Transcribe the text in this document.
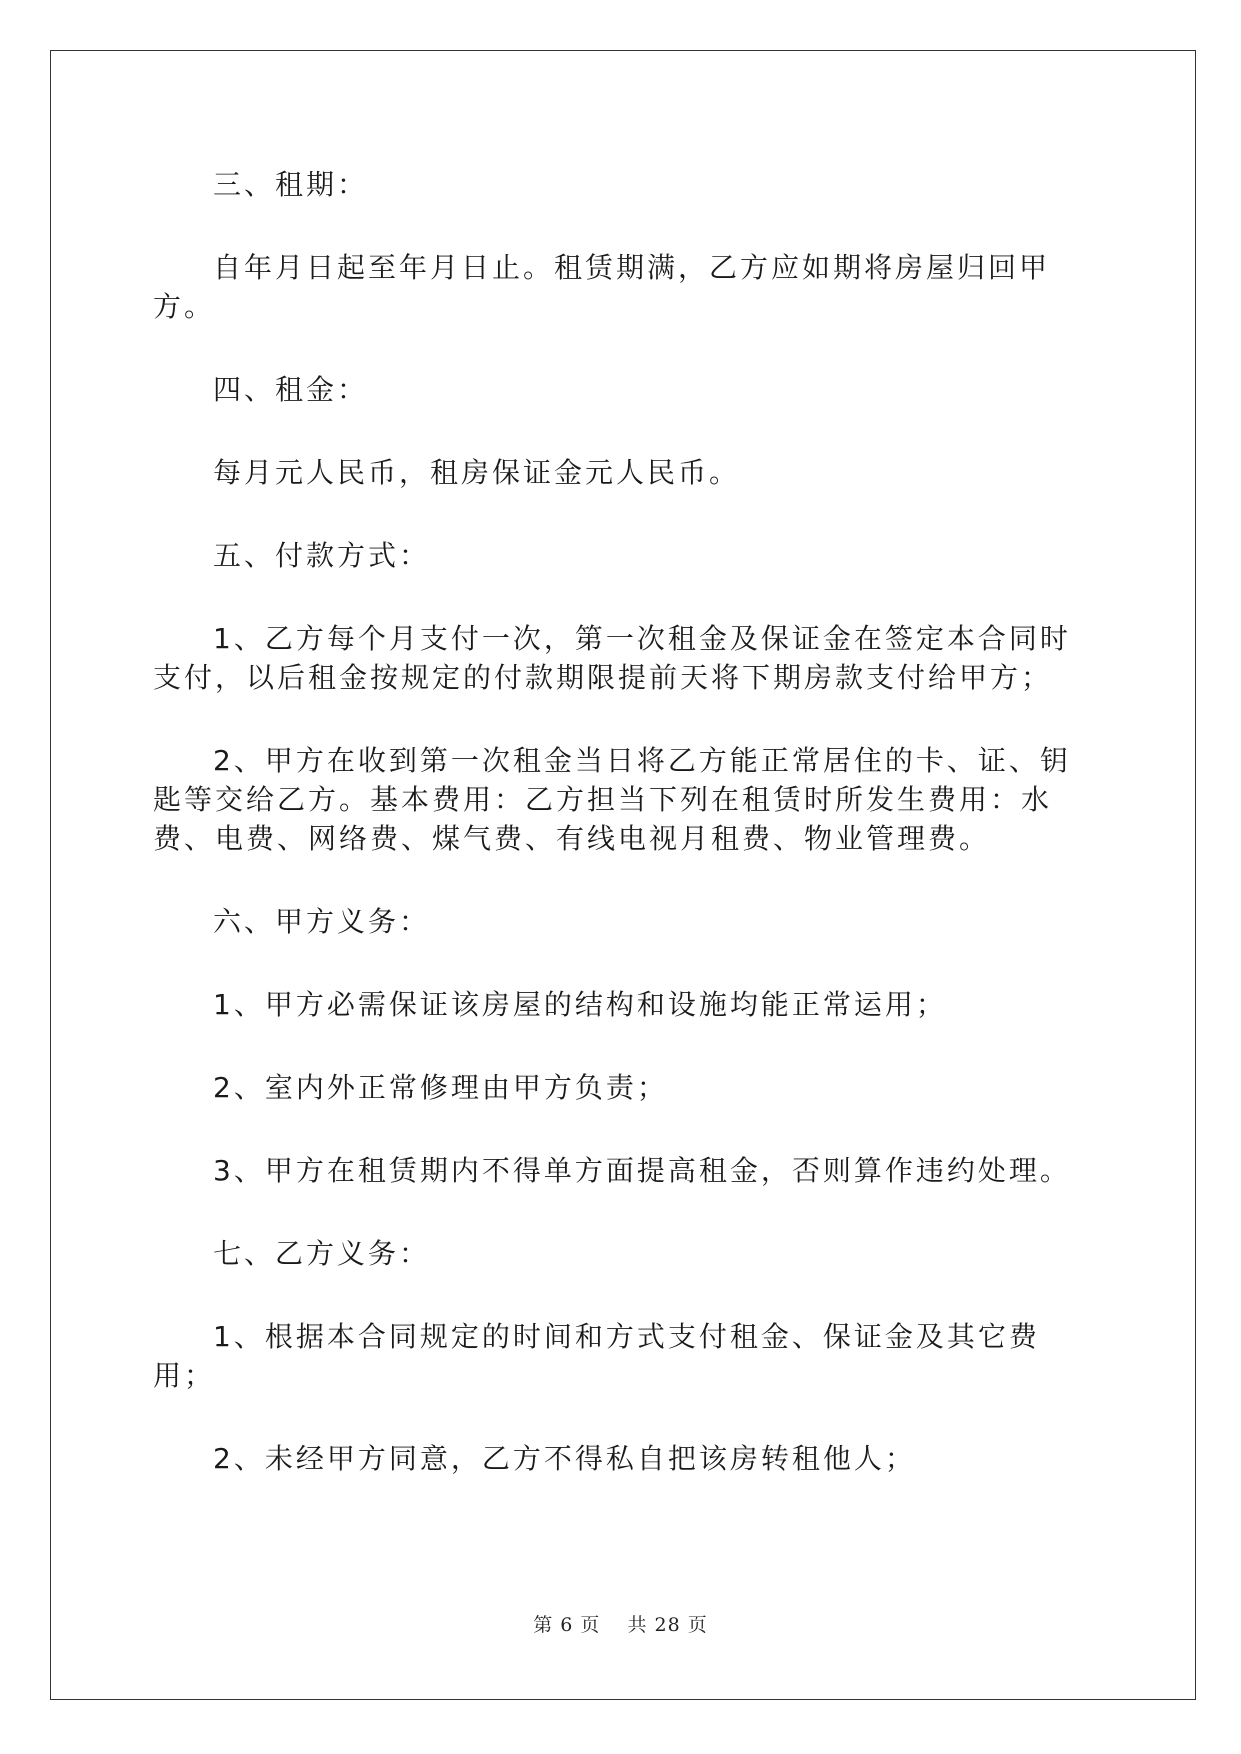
三、租期：

自年月日起至年月日止。租赁期满，乙方应如期将房屋归回甲方。

四、租金：

每月元人民币，租房保证金元人民币。

五、付款方式：

1、乙方每个月支付一次，第一次租金及保证金在签定本合同时支付，以后租金按规定的付款期限提前天将下期房款支付给甲方；

2、甲方在收到第一次租金当日将乙方能正常居住的卡、证、钥匙等交给乙方。基本费用：乙方担当下列在租赁时所发生费用：水费、电费、网络费、煤气费、有线电视月租费、物业管理费。

六、甲方义务：

1、甲方必需保证该房屋的结构和设施均能正常运用；

2、室内外正常修理由甲方负责；

3、甲方在租赁期内不得单方面提高租金，否则算作违约处理。

七、乙方义务：

1、根据本合同规定的时间和方式支付租金、保证金及其它费用；

2、未经甲方同意，乙方不得私自把该房转租他人；

第 6 页　 共 28 页
